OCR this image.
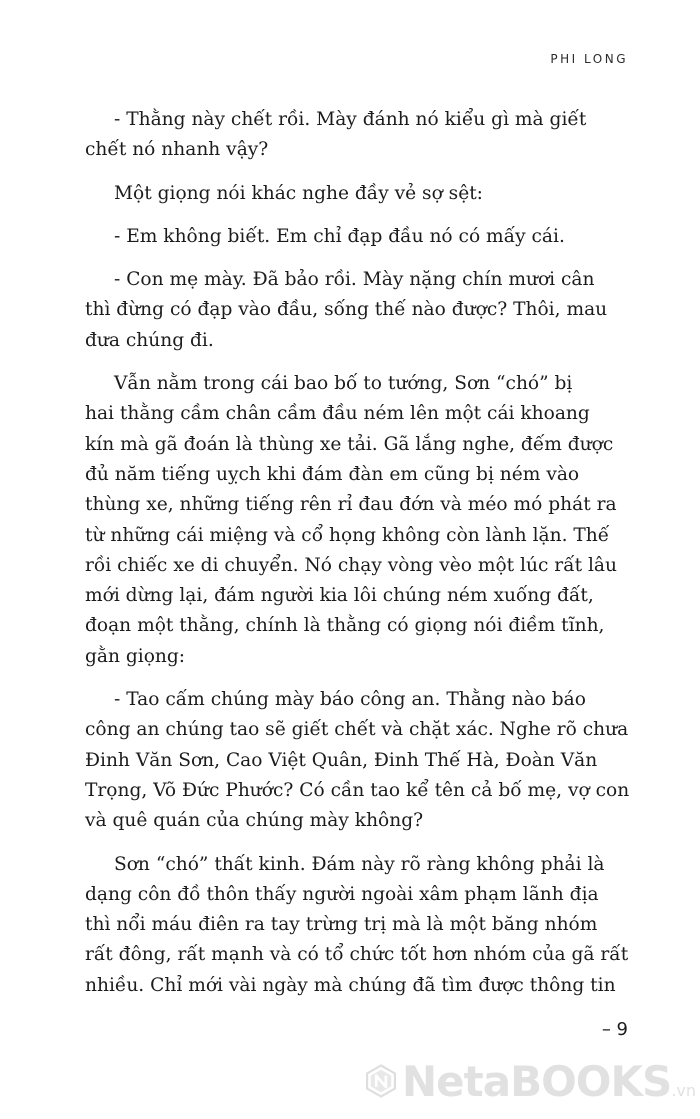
PHI LONG

- Thằng này chết rồi. Mày đánh nó kiểu gì mà giết
chết nó nhanh vậy?

Một giọng nói khác nghe đầy vẻ sợ sệt:

- Em không biết. Em chỉ đạp đầu nó có mấy cái.

- Con mẹ mày. Đã bảo rồi. Mày nặng chín mươi cân
thì đừng có đạp vào đầu, sống thế nào được? Thôi, mau
đưa chúng đi.

Vẫn nằm trong cái bao bố to tướng, Sơn “chó” bị
hai thằng cầm chân cầm đầu ném lên một cái khoang
kín mà gã đoán là thùng xe tải. Gã lắng nghe, đếm được
đủ năm tiếng uỵch khi đám đàn em cũng bị ném vào
thùng xe, những tiếng rên rỉ đau đớn và méo mó phát ra
từ những cái miệng và cổ họng không còn lành lặn. Thế
rồi chiếc xe di chuyển. Nó chạy vòng vèo một lúc rất lâu
mới dừng lại, đám người kia lôi chúng ném xuống đất,
đoạn một thằng, chính là thằng có giọng nói điềm tĩnh,
gằn giọng:

- Tao cấm chúng mày báo công an. Thằng nào báo
công an chúng tao sẽ giết chết và chặt xác. Nghe rõ chưa
Đinh Văn Sơn, Cao Việt Quân, Đinh Thế Hà, Đoàn Văn
Trọng, Võ Đức Phước? Có cần tao kể tên cả bố mẹ, vợ con
và quê quán của chúng mày không?

Sơn “chó” thất kinh. Đám này rõ ràng không phải là
dạng côn đồ thôn thấy người ngoài xâm phạm lãnh địa
thì nổi máu điên ra tay trừng trị mà là một băng nhóm
rất đông, rất mạnh và có tổ chức tốt hơn nhóm của gã rất
nhiều. Chỉ mới vài ngày mà chúng đã tìm được thông tin

– 9
NetaBOOKS.vn
